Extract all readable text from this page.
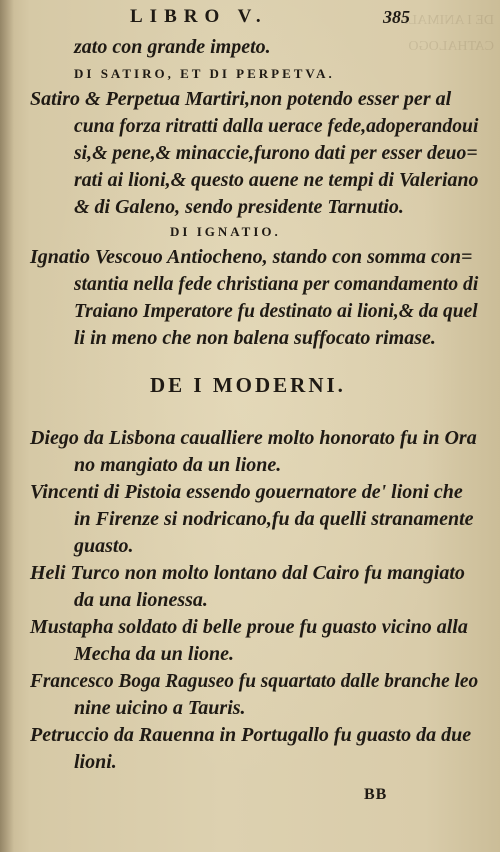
DE I ANIMALI
CATHALOGO

LIBRO V.	385
zato con grande impeto.
DI SATIRO, ET DI PERPETVA.
Satiro & Perpetua Martiri,non potendo esser per al
cuna forza ritratti dalla uerace fede,adoperandoui
si,& pene,& minaccie,furono dati per esser deuo=
rati ai lioni,& questo auene ne tempi di Valeriano
& di Galeno, sendo presidente Tarnutio.
DI IGNATIO.
Ignatio Vescouo Antiocheno, stando con somma con=
stantia nella fede christiana per comandamento di
Traiano Imperatore fu destinato ai lioni,& da quel
li in meno che non balena suffocato rimase.
DE I MODERNI.
Diego da Lisbona caualliere molto honorato fu in Ora
no mangiato da un lione.
Vincenti di Pistoia essendo gouernatore de' lioni che
in Firenze si nodricano,fu da quelli stranamente
guasto.
Heli Turco non molto lontano dal Cairo fu mangiato
da una lionessa.
Mustapha soldato di belle proue fu guasto vicino alla
Mecha da un lione.
Francesco Boga Raguseo fu squartato dalle branche leo
nine uicino a Tauris.
Petruccio da Rauenna in Portugallo fu guasto da due
lioni.
BB
